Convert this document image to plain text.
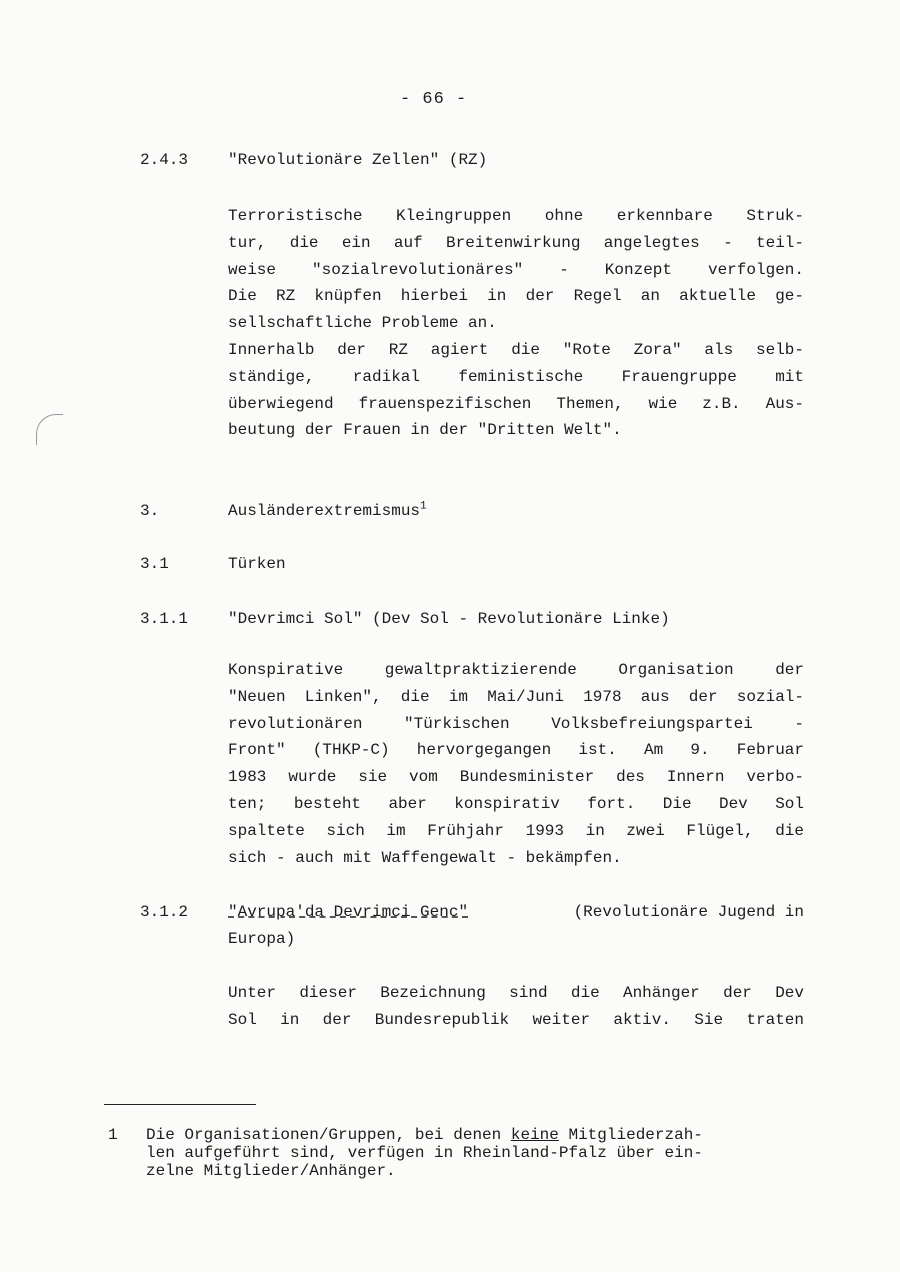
- 66 -
2.4.3 "Revolutionäre Zellen" (RZ)
Terroristische Kleingruppen ohne erkennbare Struk-
tur, die ein auf Breitenwirkung angelegtes - teil-
weise "sozialrevolutionäres" - Konzept verfolgen.
Die RZ knüpfen hierbei in der Regel an aktuelle ge-
sellschaftliche Probleme an.
Innerhalb der RZ agiert die "Rote Zora" als selb-
ständige, radikal feministische Frauengruppe mit
überwiegend frauenspezifischen Themen, wie z.B. Aus-
beutung der Frauen in der "Dritten Welt".
3.	Ausländerextremismus$^1$
3.1	Türken
3.1.1 "Devrimci Sol" (Dev Sol - Revolutionäre Linke)
Konspirative gewaltpraktizierende Organisation der
"Neuen Linken", die im Mai/Juni 1978 aus der sozial-
revolutionären "Türkischen Volksbefreiungspartei -
Front" (THKP-C) hervorgegangen ist. Am 9. Februar
1983 wurde sie vom Bundesminister des Innern verbo-
ten; besteht aber konspirativ fort. Die Dev Sol
spaltete sich im Frühjahr 1993 in zwei Flügel, die
sich - auch mit Waffengewalt - bekämpfen.
3.1.2 "Avrupa'da Devrimci Genc"	(Revolutionäre Jugend in
Europa)
Unter dieser Bezeichnung sind die Anhänger der Dev
Sol in der Bundesrepublik weiter aktiv. Sie traten
1 Die Organisationen/Gruppen, bei denen keine Mitgliederzah-
len aufgeführt sind, verfügen in Rheinland-Pfalz über ein-
zelne Mitglieder/Anhänger.
